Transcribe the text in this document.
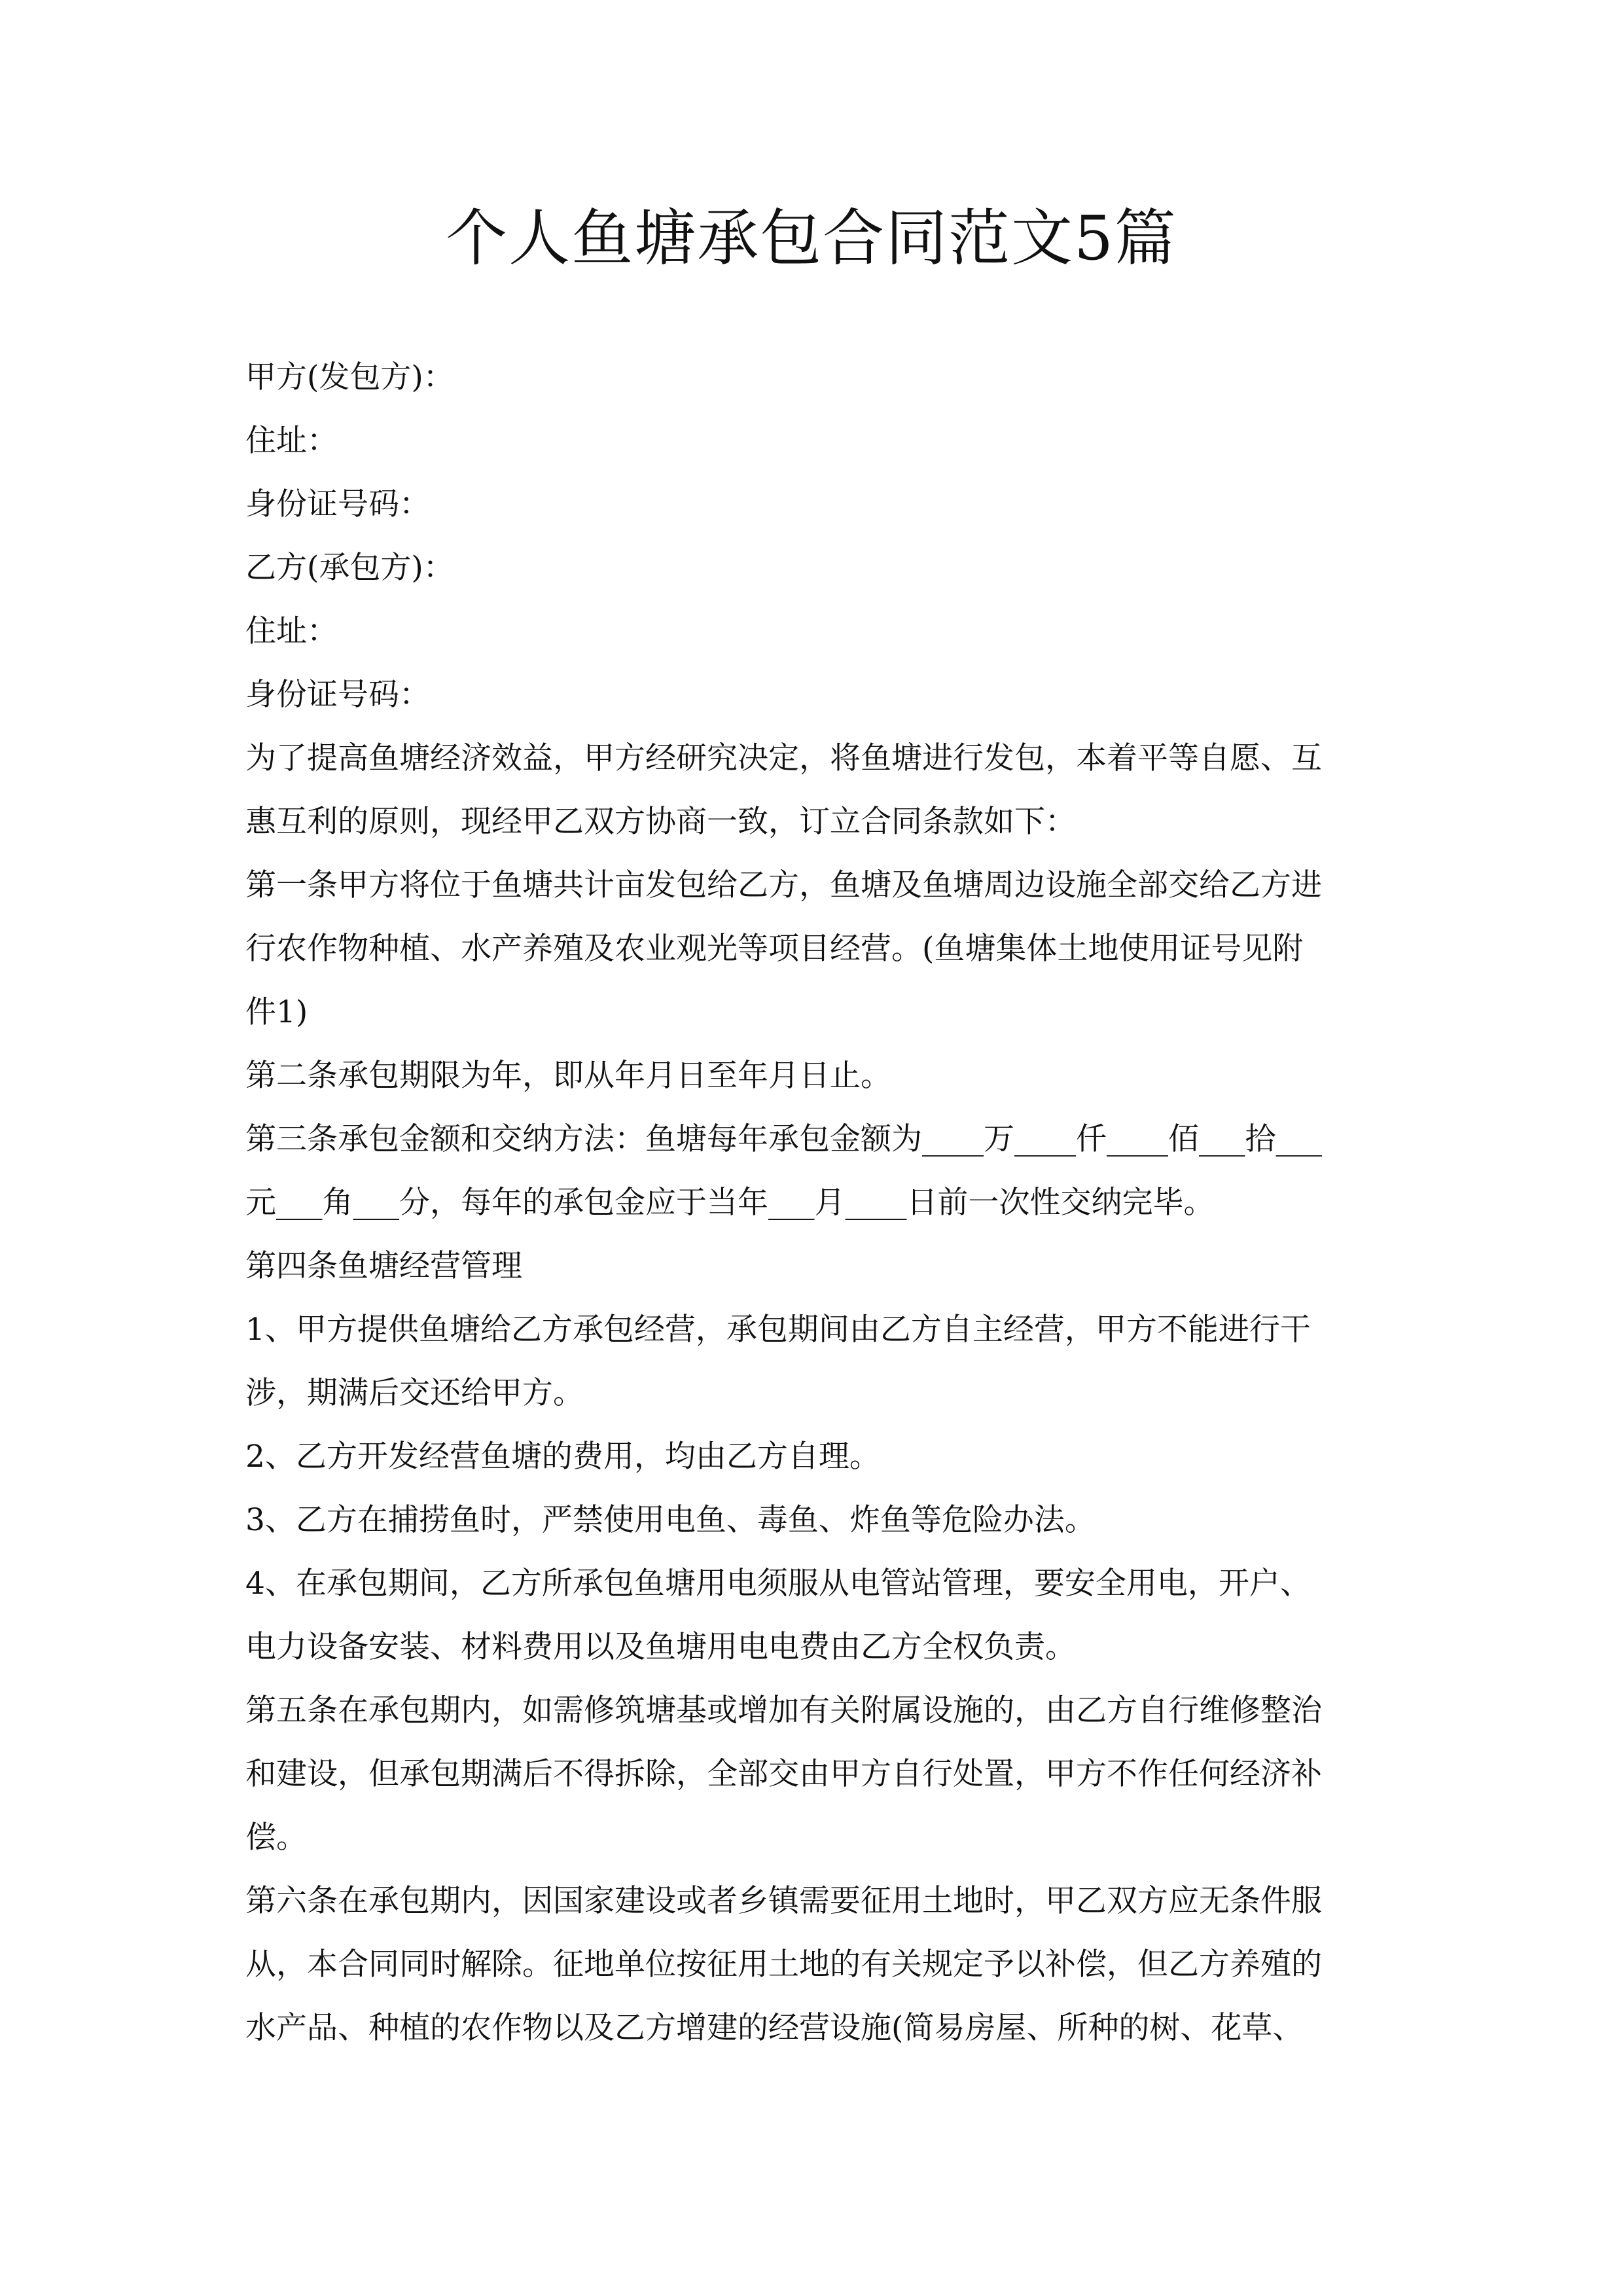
个人鱼塘承包合同范文5篇

甲方(发包方)：

住址：

身份证号码：

乙方(承包方)：

住址：

身份证号码：

为了提高鱼塘经济效益，甲方经研究决定，将鱼塘进行发包，本着平等自愿、互

惠互利的原则，现经甲乙双方协商一致，订立合同条款如下：

第一条甲方将位于鱼塘共计亩发包给乙方，鱼塘及鱼塘周边设施全部交给乙方进

行农作物种植、水产养殖及农业观光等项目经营。(鱼塘集体土地使用证号见附

件1)

第二条承包期限为年，即从年月日至年月日止。

第三条承包金额和交纳方法：鱼塘每年承包金额为____万____仟____佰___拾___

元___角___分，每年的承包金应于当年___月____日前一次性交纳完毕。

第四条鱼塘经营管理

1、甲方提供鱼塘给乙方承包经营，承包期间由乙方自主经营，甲方不能进行干

涉，期满后交还给甲方。

2、乙方开发经营鱼塘的费用，均由乙方自理。

3、乙方在捕捞鱼时，严禁使用电鱼、毒鱼、炸鱼等危险办法。

4、在承包期间，乙方所承包鱼塘用电须服从电管站管理，要安全用电，开户、

电力设备安装、材料费用以及鱼塘用电电费由乙方全权负责。

第五条在承包期内，如需修筑塘基或增加有关附属设施的，由乙方自行维修整治

和建设，但承包期满后不得拆除，全部交由甲方自行处置，甲方不作任何经济补

偿。

第六条在承包期内，因国家建设或者乡镇需要征用土地时，甲乙双方应无条件服

从，本合同同时解除。征地单位按征用土地的有关规定予以补偿，但乙方养殖的

水产品、种植的农作物以及乙方增建的经营设施(简易房屋、所种的树、花草、
